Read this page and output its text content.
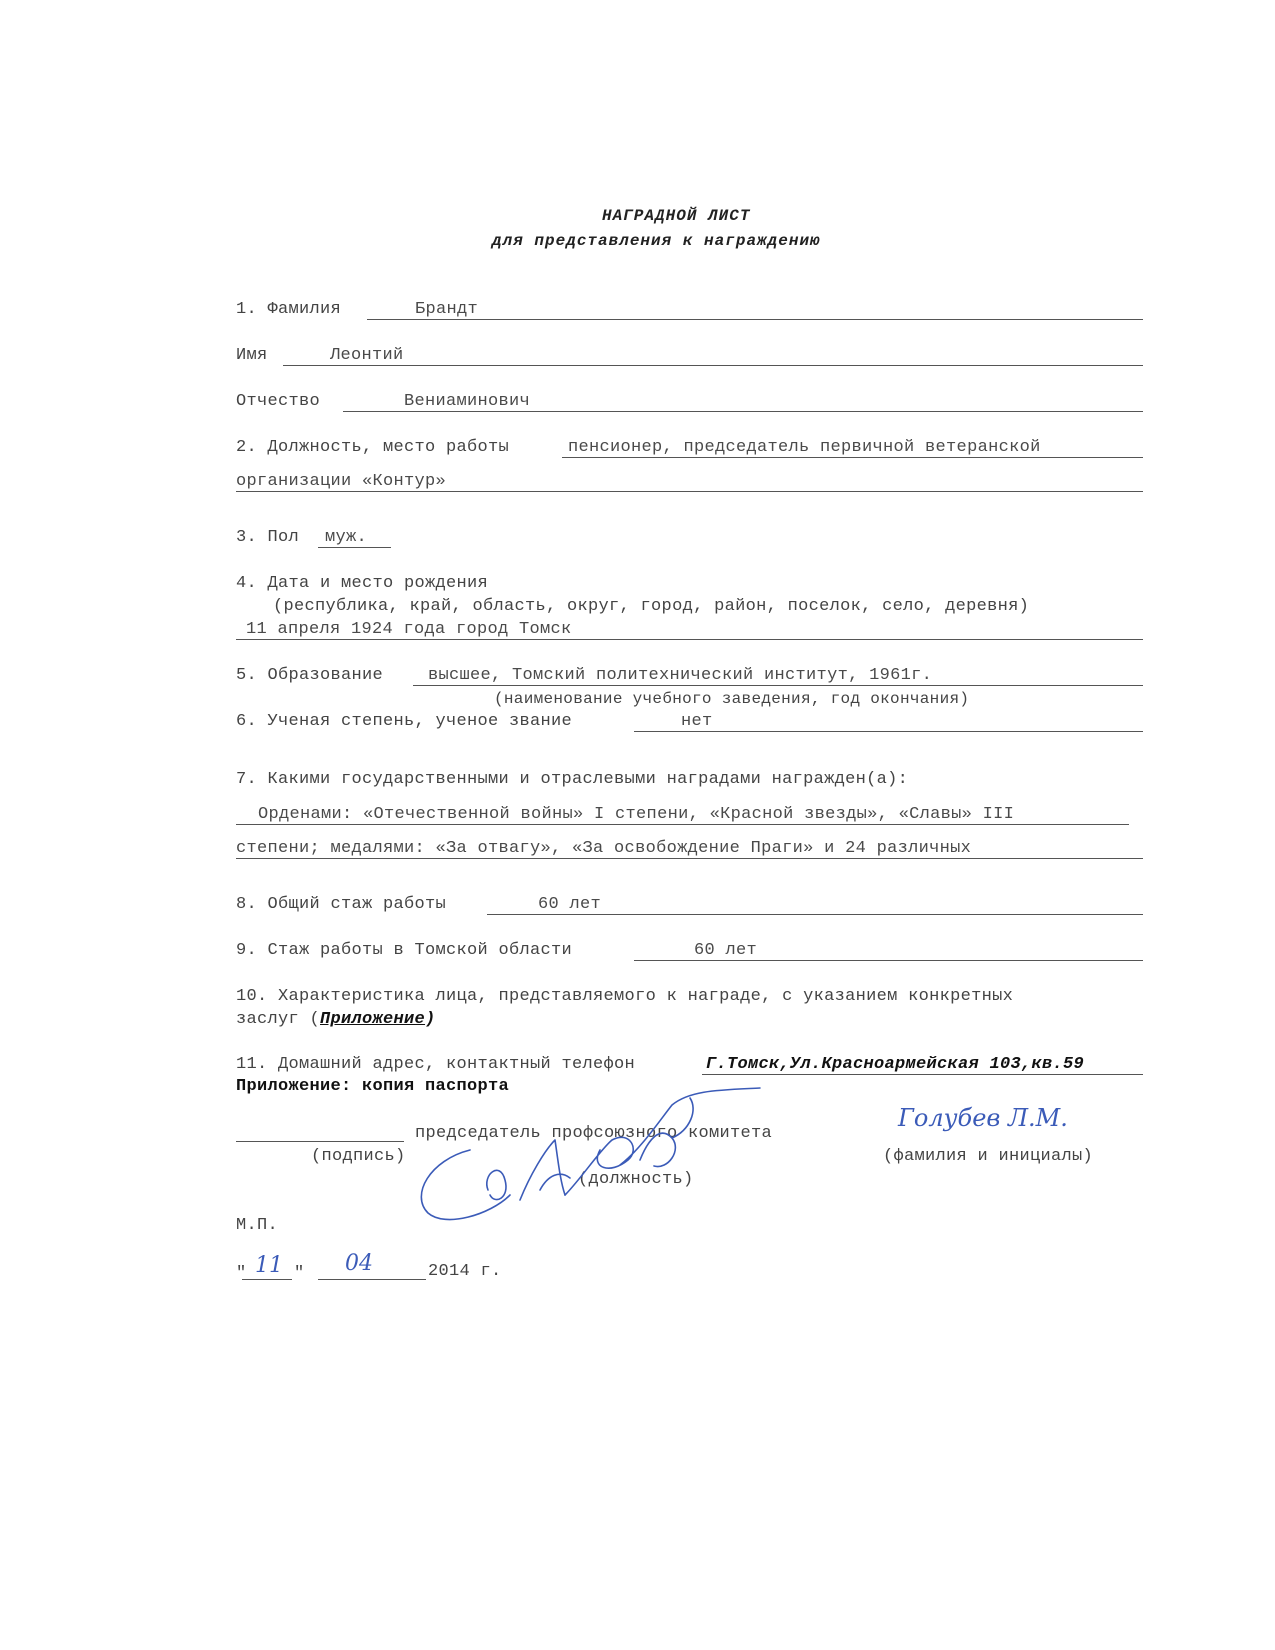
НАГРАДНОЙ ЛИСТ
для представления к награждению
1. Фамилия	Брандт
Имя	Леонтий
Отчество	Вениаминович
2. Должность, место работы	пенсионер, председатель первичной ветеранской
организации «Контур»
3. Пол муж.
4. Дата и место рождения
(республика, край, область, округ, город, район, поселок, село, деревня)
11 апреля 1924 года город Томск
5. Образование	высшее, Томский политехнический институт, 1961г.
(наименование учебного заведения, год окончания)
6. Ученая степень, ученое звание	нет
7. Какими государственными и отраслевыми наградами награжден(а):
Орденами: «Отечественной войны» I степени, «Красной звезды», «Славы» III
степени; медалями: «За отвагу», «За освобождение Праги» и 24 различных
8. Общий стаж работы	60 лет
9. Стаж работы в Томской области	60 лет
10. Характеристика лица, представляемого к награде, с указанием конкретных
заслуг (Приложение)
11. Домашний адрес, контактный телефон	Г.Томск,Ул.Красноармейская 103,кв.59
Приложение: копия паспорта
председатель профсоюзного комитета
(подпись)
(должность)
(фамилия и инициалы)
Голубев Л.М.
М.П.
" 11 " 04	2014 г.
